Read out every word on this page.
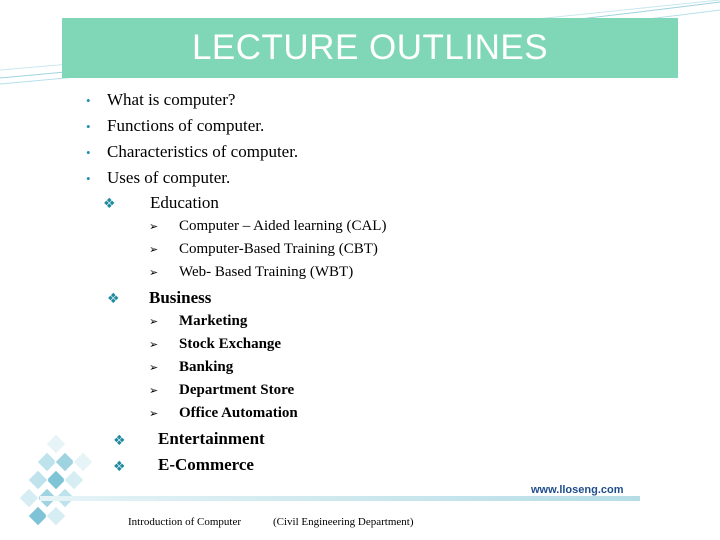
LECTURE OUTLINES
• What is computer?
• Functions of computer.
• Characteristics of computer.
• Uses of computer.
❖ Education
➢ Computer – Aided learning (CAL)
➢ Computer-Based Training (CBT)
➢ Web- Based Training (WBT)
❖ Business
➢ Marketing
➢ Stock Exchange
➢ Banking
➢ Department Store
➢ Office Automation
❖ Entertainment
❖ E-Commerce
www.lloseng.com
Introduction of Computer	(Civil Engineering Department)
